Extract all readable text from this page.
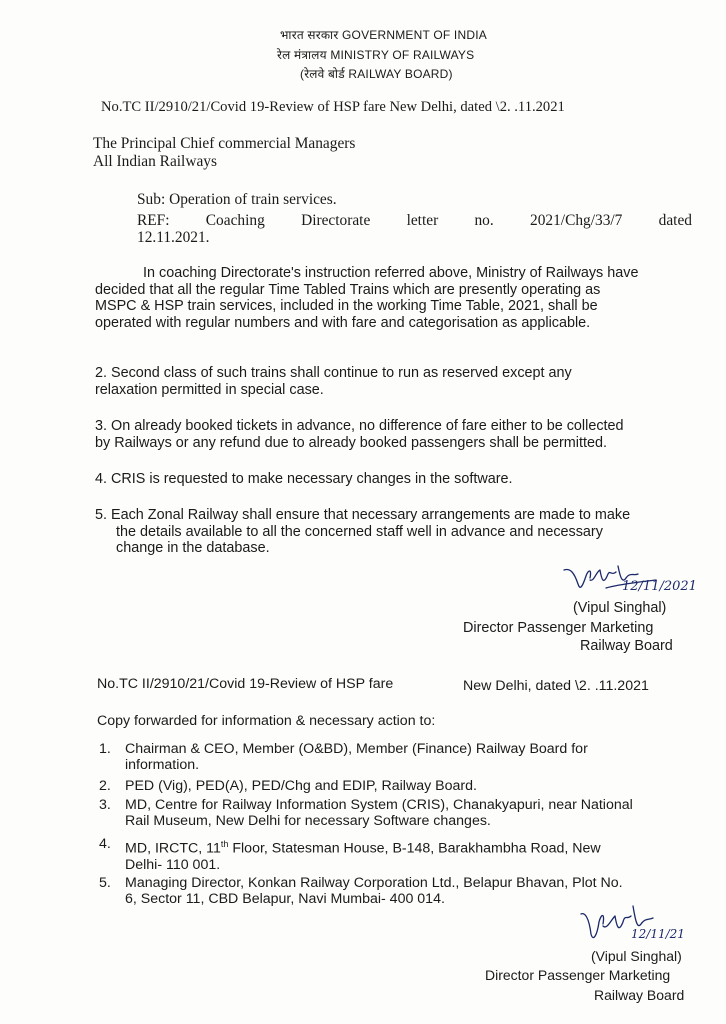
भारत सरकार GOVERNMENT OF INDIA
रेल मंत्रालय MINISTRY OF RAILWAYS
(रेलवे बोर्ड RAILWAY BOARD)
No.TC II/2910/21/Covid 19-Review of HSP fare New Delhi, dated \2. .11.2021
The Principal Chief commercial Managers
All Indian Railways
Sub: Operation of train services.
REF: Coaching Directorate letter no. 2021/Chg/33/7 dated
12.11.2021.
In coaching Directorate's instruction referred above, Ministry of Railways have
decided that all the regular Time Tabled Trains which are presently operating as
MSPC & HSP train services, included in the working Time Table, 2021, shall be
operated with regular numbers and with fare and categorisation as applicable.
2. Second class of such trains shall continue to run as reserved except any
relaxation permitted in special case.
3. On already booked tickets in advance, no difference of fare either to be collected
by Railways or any refund due to already booked passengers shall be permitted.
4. CRIS is requested to make necessary changes in the software.
5. Each Zonal Railway shall ensure that necessary arrangements are made to make
the details available to all the concerned staff well in advance and necessary
change in the database.
12/11/2021
(Vipul Singhal)
Director Passenger Marketing
Railway Board
No.TC II/2910/21/Covid 19-Review of HSP fare	New Delhi, dated \2. .11.2021
Copy forwarded for information & necessary action to:
1. Chairman & CEO, Member (O&BD), Member (Finance) Railway Board for
information.
2. PED (Vig), PED(A), PED/Chg and EDIP, Railway Board.
3. MD, Centre for Railway Information System (CRIS), Chanakyapuri, near National
Rail Museum, New Delhi for necessary Software changes.
4. MD, IRCTC, 11th Floor, Statesman House, B-148, Barakhambha Road, New
Delhi- 110 001.
5. Managing Director, Konkan Railway Corporation Ltd., Belapur Bhavan, Plot No.
6, Sector 11, CBD Belapur, Navi Mumbai- 400 014.
12/11/21
(Vipul Singhal)
Director Passenger Marketing
Railway Board
